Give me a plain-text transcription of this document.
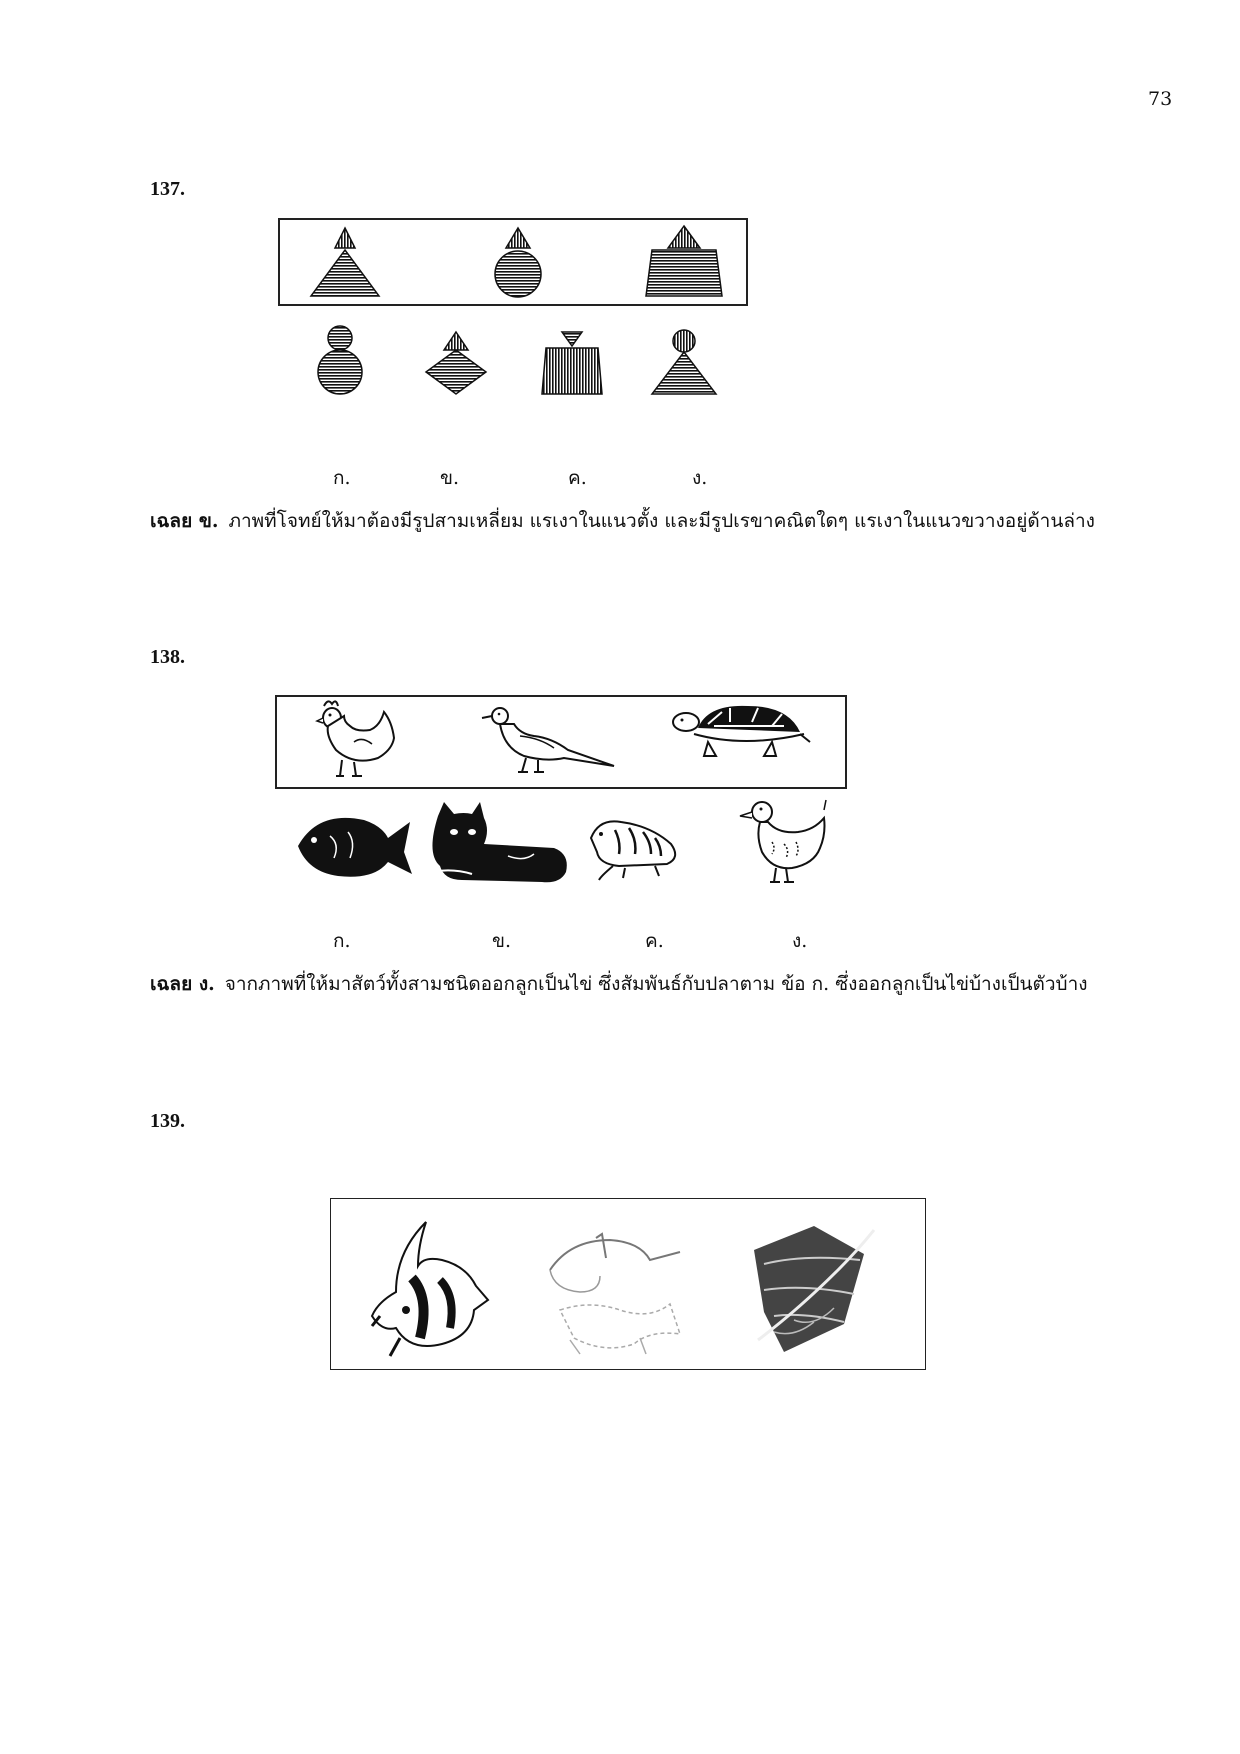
73
137.
ก.	ข.	ค.	ง.
เฉลย ข. ภาพที่โจทย์ให้มาต้องมีรูปสามเหลี่ยม แรเงาในแนวตั้ง และมีรูปเรขาคณิตใดๆ แรเงาในแนวขวางอยู่ด้านล่าง
138.
ก.	ข.	ค.	ง.
เฉลย ง. จากภาพที่ให้มาสัตว์ทั้งสามชนิดออกลูกเป็นไข่ ซึ่งสัมพันธ์กับปลาตาม ข้อ ก. ซึ่งออกลูกเป็นไข่บ้างเป็นตัวบ้าง
139.
